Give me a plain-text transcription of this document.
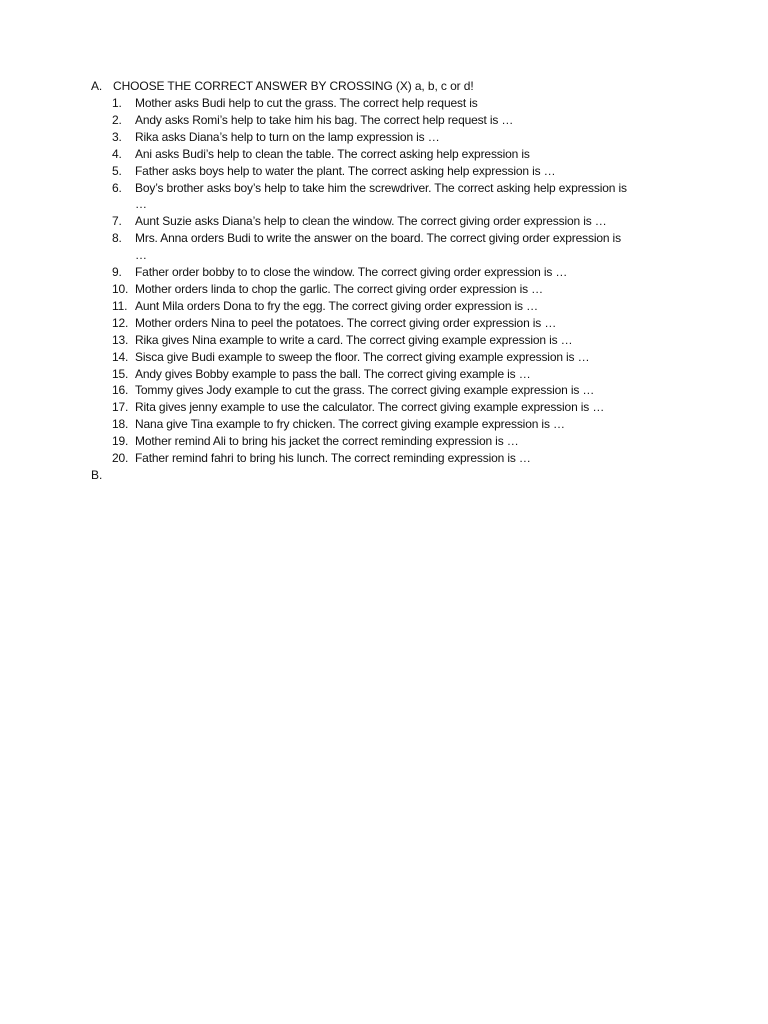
A. CHOOSE THE CORRECT ANSWER BY CROSSING (X) a, b, c or d!
1.	Mother asks Budi help to cut the grass. The correct help request is
2.	Andy asks Romi’s help to take him his bag. The correct help request is …
3.	Rika asks Diana’s help to turn on the lamp expression is …
4.	Ani asks Budi’s help to clean the table. The correct asking help expression is
5.	Father asks boys help to water the plant. The correct asking help expression is …
6.	Boy’s brother asks boy’s help to take him the screwdriver. The correct asking help expression is
…
7.	Aunt Suzie asks Diana’s help to clean the window. The correct giving order expression is …
8.	Mrs. Anna orders Budi to write the answer on the board. The correct giving order expression is
…
9.	Father order bobby to to close the window. The correct giving order expression is …
10. Mother orders linda to chop the garlic. The correct giving order expression is …
11. Aunt Mila orders Dona to fry the egg. The correct giving order expression is …
12. Mother orders Nina to peel the potatoes. The correct giving order expression is …
13. Rika gives Nina example to write a card. The correct giving example expression is …
14. Sisca give Budi example to sweep the floor. The correct giving example expression is …
15. Andy gives Bobby example to pass the ball. The correct giving example is …
16. Tommy gives Jody example to cut the grass. The correct giving example expression is …
17. Rita gives jenny example to use the calculator. The correct giving example expression is …
18. Nana give Tina example to fry chicken. The correct giving example expression is …
19. Mother remind Ali to bring his jacket the correct reminding expression is …
20. Father remind fahri to bring his lunch. The correct reminding expression is …
B.
